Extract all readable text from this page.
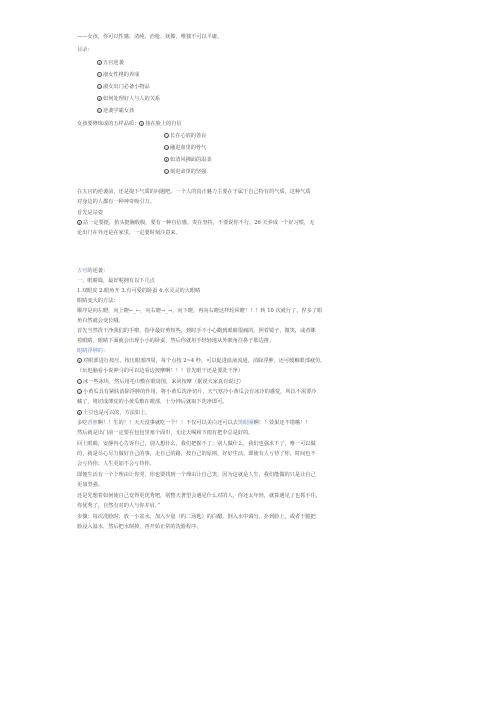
——女孩，你可以性感、清纯、治枪、妩媚，唯独不可以平庸。
目录：
1 五官逆袭
2 淑女性格的养成
3 淑女出门必备小物品
4 如何处理好人与人的关系
5 逆袭学霸女孩
女孩要修炼成的五样品质：1 扬在脸上的自信
2 长在心底的善良
3 融进血里的骨气
4 如清风拂面的温柔
5 刻进命里的坚强
在五官的逆袭前，还是提下气质的问题吧。一个人的真正魅力主要在于属于自己特有的气质，这种气质
对身边的人都有一种神奇吸引力。
首先是站姿
1 站一定要挺，抬头挺胸收腹，要有一种自信感。贵在坚持，不要说你不行，26 天养成一个好习惯，无
论出门在外还是在家里，一定要时刻注意来。
五官的逆袭：
一、眼睛篇，最好呢拥有以下几点
1.双眼皮 2.眼角开 3.有可爱的卧蚕 4.水灵灵的大眼睛
眼睛变大的方法：
顺序是向左瞪，向上瞪←_←，向右瞪→_→，向下瞪，再向右瞪这样轮回瞪！！！转 10 次就行了，捏多了眼
角白然就会变长哦。
首先当然洗干净我们的手啦，指甲最好剪短些，到时手不小心戳到眼睛很痛的。照着镜子，微笑，或者眯
着眼睛，眼睛下面就会出现小小的卧蚕，然后你就用手轻轻地从外眼角往鼻子那边推。
眼睛浮肿的：
1 对眼部进行按压，按压眼部四周，每个点按 2~4 秒，可以促进血液流通，消除浮肿，还可缓解眼部疲劳。
（玩电脑看小说神马的可以边看边按摩啊！！！首先眼干还是要洗干净）
2 冰一些冰块，然后用毛巾敷在眼周围，来回按摩（据说大家真有说过）
3 小黄瓜具有紧肤消除浮肿的作用，将小黄瓜洗净切片，天气寒冷小黄瓜会有冰冷的感觉，所以不需要冷
藏了，将切成薄皮的小黄瓜敷在眼部，十分钟后就取下洗净即可。
4 土豆也是可以的，方法如上。
多吃香蕉啊！！生的！！天天没事就吃一个！！不仅可以美白还可以去黑眼圈啊！！效果还不错哦！！
然后就是出门前一定要在包包里塞个面巾，无论天喝和下雨有把伞总是好的。
回上眼睛，安静内心告诉自己，别人想什么，我们把握不了；别人做什么，我们也强求不了，唯一可以做
的，就是尽心尽力做好自己的事，走自己的路，按自己的原则，好好生活。即使有人亏待了你，时间也不
会亏待你；人生更加不会亏待你。
即便生活有一个个理由让你哭，你也要找到一个理由让自己笑，因为这就是人生，我们能做的只是让自己
更加坚强。
还是先想着如何使自己变得更优秀吧，别整天著望会遇见什么对的人，你还太年轻，就算遇见了也抓不住，
你优秀了，自然有对的人与你并肩。”
步骤：每次洗脸时，放一小盆水，加入少量（约二汤匙）的白醋。倒入水中调匀，扑到脸上，或者干脆把
脸浸入温水，然后把水倒掉，再开始正常的洗脸程序。
